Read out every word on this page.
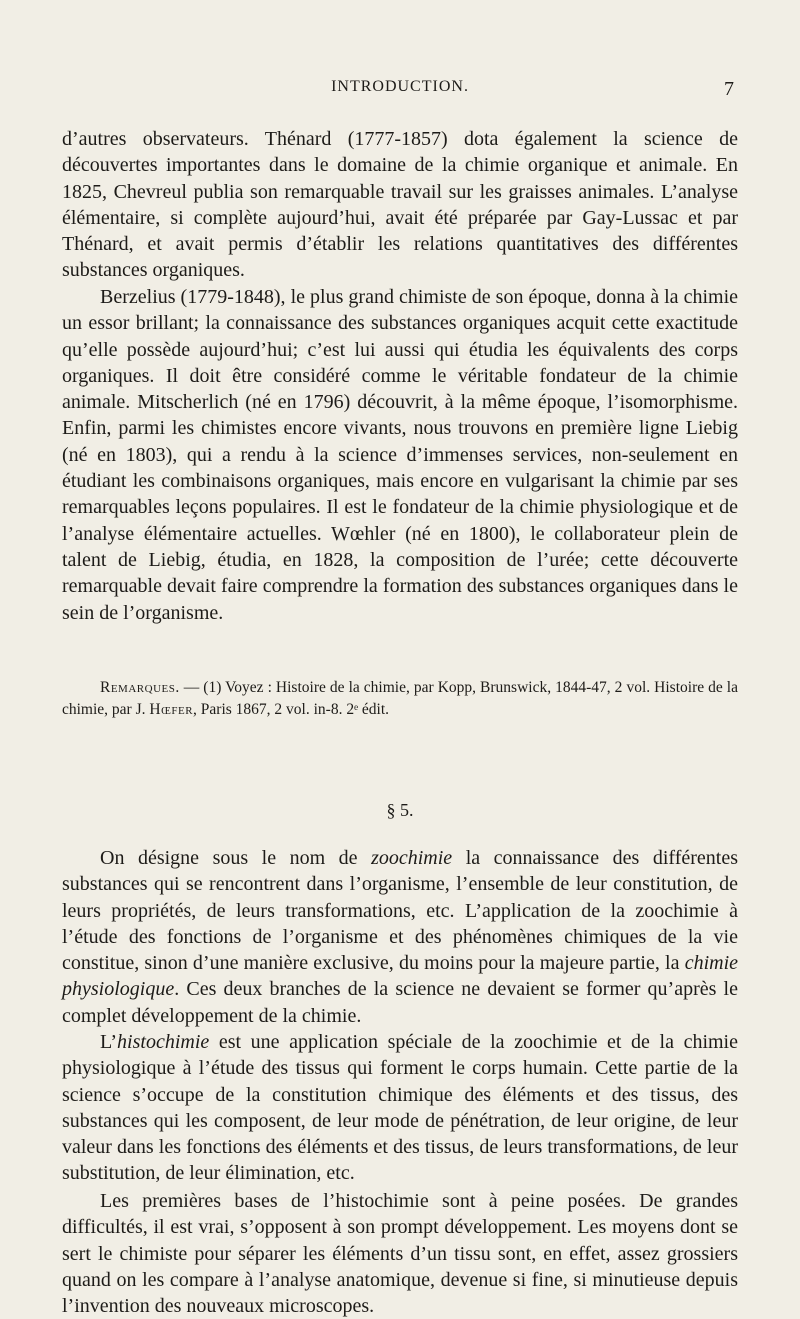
INTRODUCTION.	7

d’autres observateurs. Thénard (1777-1857) dota également la science de découvertes importantes dans le domaine de la chimie organique et animale. En 1825, Chevreul publia son remarquable travail sur les graisses animales. L’analyse élémentaire, si complète aujourd’hui, avait été préparée par Gay-Lussac et par Thénard, et avait permis d’établir les relations quantitatives des différentes substances organiques.

Berzelius (1779-1848), le plus grand chimiste de son époque, donna à la chimie un essor brillant; la connaissance des substances organiques acquit cette exactitude qu’elle possède aujourd’hui; c’est lui aussi qui étudia les équivalents des corps organiques. Il doit être considéré comme le véritable fondateur de la chimie animale. Mitscherlich (né en 1796) découvrit, à la même époque, l’isomorphisme. Enfin, parmi les chimistes encore vivants, nous trouvons en première ligne Liebig (né en 1803), qui a rendu à la science d’immenses services, non-seulement en étudiant les combinaisons organiques, mais encore en vulgarisant la chimie par ses remarquables leçons populaires. Il est le fondateur de la chimie physiologique et de l’analyse élémentaire actuelles. Wœhler (né en 1800), le collaborateur plein de talent de Liebig, étudia, en 1828, la composition de l’urée; cette découverte remarquable devait faire comprendre la formation des substances organiques dans le sein de l’organisme.

Remarques. — (1) Voyez : Histoire de la chimie, par Kopp, Brunswick, 1844-47, 2 vol. Histoire de la chimie, par J. Hœfer, Paris 1867, 2 vol. in-8. 2ᵉ édit.

§ 5.

On désigne sous le nom de zoochimie la connaissance des différentes substances qui se rencontrent dans l’organisme, l’ensemble de leur constitution, de leurs propriétés, de leurs transformations, etc. L’application de la zoochimie à l’étude des fonctions de l’organisme et des phénomènes chimiques de la vie constitue, sinon d’une manière exclusive, du moins pour la majeure partie, la chimie physiologique. Ces deux branches de la science ne devaient se former qu’après le complet développement de la chimie.

L’histochimie est une application spéciale de la zoochimie et de la chimie physiologique à l’étude des tissus qui forment le corps humain. Cette partie de la science s’occupe de la constitution chimique des éléments et des tissus, des substances qui les composent, de leur mode de pénétration, de leur origine, de leur valeur dans les fonctions des éléments et des tissus, de leurs transformations, de leur substitution, de leur élimination, etc.

Les premières bases de l’histochimie sont à peine posées. De grandes difficultés, il est vrai, s’opposent à son prompt développement. Les moyens dont se sert le chimiste pour séparer les éléments d’un tissu sont, en effet, assez grossiers quand on les compare à l’analyse anatomique, devenue si fine, si minutieuse depuis l’invention des nouveaux microscopes.
